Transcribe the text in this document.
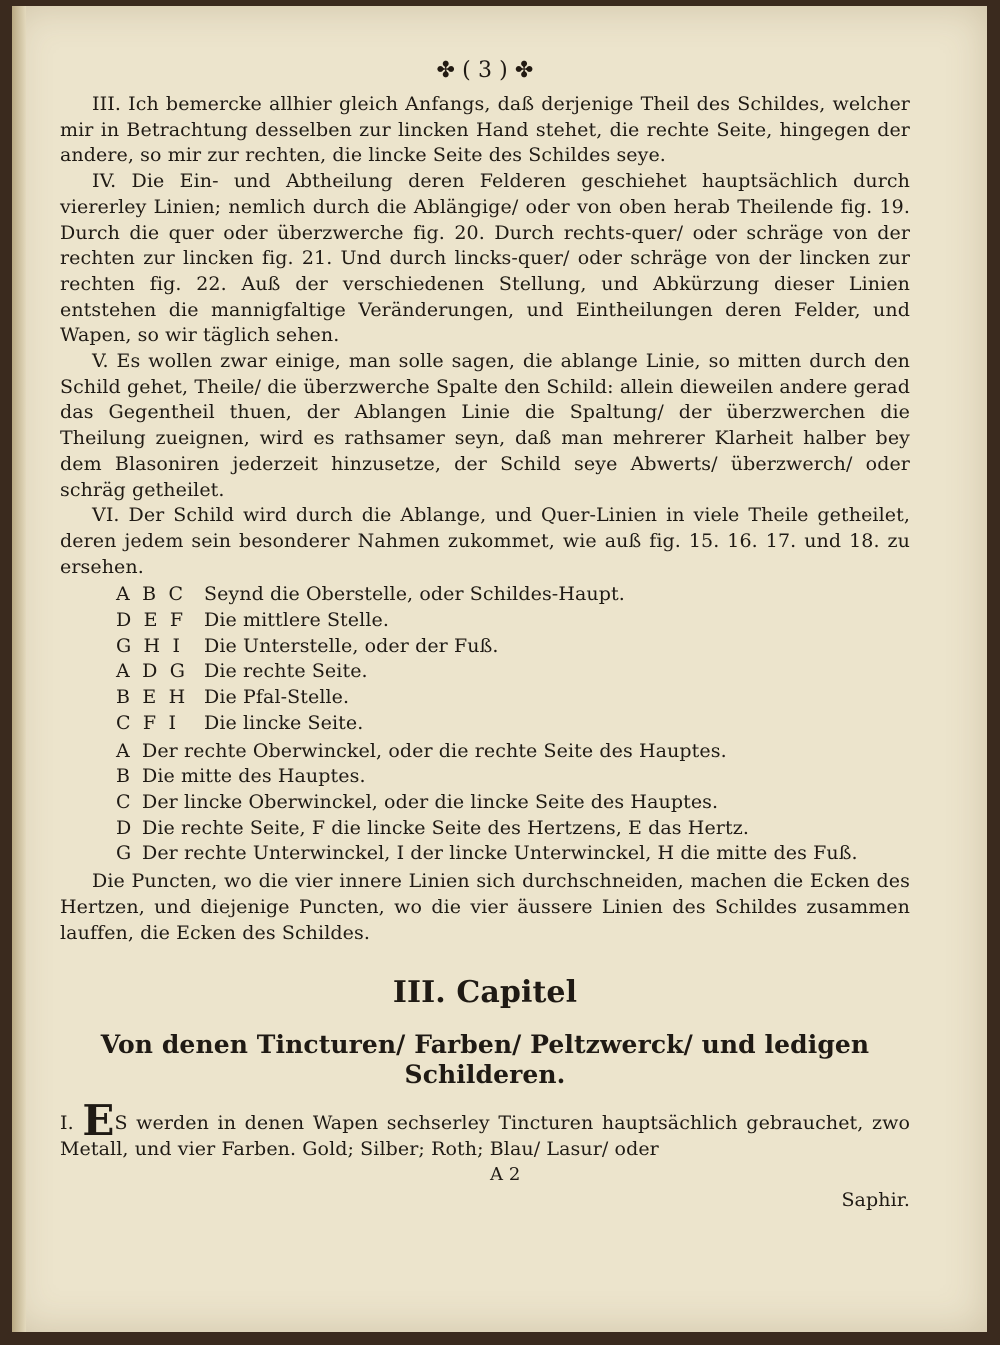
✤ ( 3 ) ✤

III. Ich bemercke allhier gleich Anfangs, daß derjenige Theil des Schildes, welcher mir in Betrachtung desselben zur lincken Hand stehet, die rechte Seite, hingegen der andere, so mir zur rechten, die lincke Seite des Schildes seye.

IV. Die Ein- und Abtheilung deren Felderen geschiehet hauptsächlich durch viererley Linien; nemlich durch die Ablängige/ oder von oben herab Theilende fig. 19. Durch die quer oder überzwerche fig. 20. Durch rechts-quer/ oder schräge von der rechten zur lincken fig. 21. Und durch lincks-quer/ oder schräge von der lincken zur rechten fig. 22. Auß der verschiedenen Stellung, und Abkürzung dieser Linien entstehen die mannigfaltige Veränderungen, und Eintheilungen deren Felder, und Wapen, so wir täglich sehen.

V. Es wollen zwar einige, man solle sagen, die ablange Linie, so mitten durch den Schild gehet, Theile/ die überzwerche Spalte den Schild: allein dieweilen andere gerad das Gegentheil thuen, der Ablangen Linie die Spaltung/ der überzwerchen die Theilung zueignen, wird es rathsamer seyn, daß man mehrerer Klarheit halber bey dem Blasoniren jederzeit hinzusetze, der Schild seye Abwerts/ überzwerch/ oder schräg getheilet.

VI. Der Schild wird durch die Ablange, und Quer-Linien in viele Theile getheilet, deren jedem sein besonderer Nahmen zukommet, wie auß fig. 15. 16. 17. und 18. zu ersehen.

A  B  C	Seynd die Oberstelle, oder Schildes-Haupt.
D  E  F	Die mittlere Stelle.
G  H  I	Die Unterstelle, oder der Fuß.
A  D  G	Die rechte Seite.
B  E  H Die Pfal-Stelle.
C  F  I	Die lincke Seite.
A Der rechte Oberwinckel, oder die rechte Seite des Hauptes.
B Die mitte des Hauptes.
C Der lincke Oberwinckel, oder die lincke Seite des Hauptes.
D Die rechte Seite, F die lincke Seite des Hertzens, E das Hertz.
G Der rechte Unterwinckel, I der lincke Unterwinckel, H die mitte des Fuß.

Die Puncten, wo die vier innere Linien sich durchschneiden, machen die Ecken des Hertzen, und diejenige Puncten, wo die vier äussere Linien des Schildes zusammen lauffen, die Ecken des Schildes.

III. Capitel
Von denen Tincturen/ Farben/ Peltzwerck/ und ledigen Schilderen.

I. ES werden in denen Wapen sechserley Tincturen hauptsächlich gebrauchet, zwo Metall, und vier Farben. Gold; Silber; Roth; Blau/ Lasur/ oder

A 2

Saphir.
